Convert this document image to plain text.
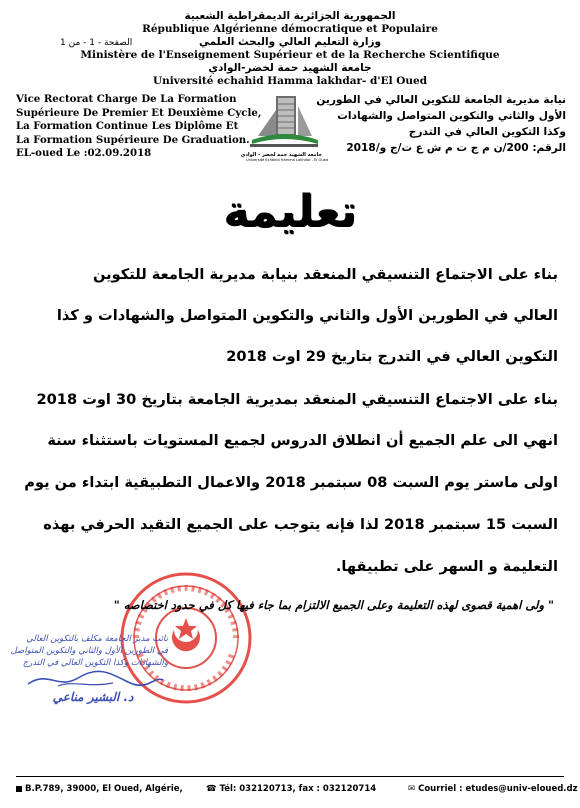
الجمهورية الجزائرية الديمقراطية الشعبية
République Algérienne démocratique et Populaire
وزارة التعليم العالي والبحث العلمي
الصفحة - 1 - من 1
Ministère de l'Enseignement Supérieur et de la Recherche Scientifique
جامعة الشهيد حمة لخضر-الوادي
Université echahid Hamma lakhdar- d'El Oued
Vice Rectorat Charge De La Formation
Supérieure De Premier Et Deuxième Cycle,
La Formation Continue Les Diplôme Et
La Formation Supérieure De Graduation.
EL-oued Le :02.09.2018	جامعة الشهيد حمة لخضر - الوادي
Université Echahid Hamma Lakhdar - El Oued
نيابة مديرية الجامعة للتكوين العالي في الطورين
الأول والثاني والتكوين المتواصل والشهادات
وكذا التكوين العالي في التدرج
الرقم: 200/ن م ج ت م ش ع ت/ج و/2018
تعليمة
بناء على الاجتماع التنسيقي المنعقد بنيابة مديرية الجامعة للتكوين
العالي في الطورين الأول والثاني والتكوين المتواصل والشهادات و كذا
التكوين العالي في التدرج بتاريخ 29 اوت 2018
بناء على الاجتماع التنسيقي المنعقد بمديرية الجامعة بتاريخ 30 اوت 2018
انهي الى علم الجميع أن انطلاق الدروس لجميع المستويات باستثناء سنة
اولى ماستر يوم السبت 08 سبتمبر 2018 والاعمال التطبيقية ابتداء من يوم
السبت 15 سبتمبر 2018 لذا فإنه يتوجب على الجميع التقيد الحرفي بهذه
التعليمة و السهر على تطبيقها.
" ولى اهمية قصوى لهذه التعليمة وعلى الجميع الالتزام بما جاء فيها كل في حدود اختصاصه "
نائب مدير الجامعة مكلف بالتكوين العالي
في الطورين الأول والثاني والتكوين المتواصل
والشهادات وكذا التكوين العالي في التدرج
د. البشير مناعي
B.P.789, 39000, El Oued, Algérie,	☎ Tél: 032120713, fax : 032120714	✉ Courriel : etudes@univ-eloued.dz
